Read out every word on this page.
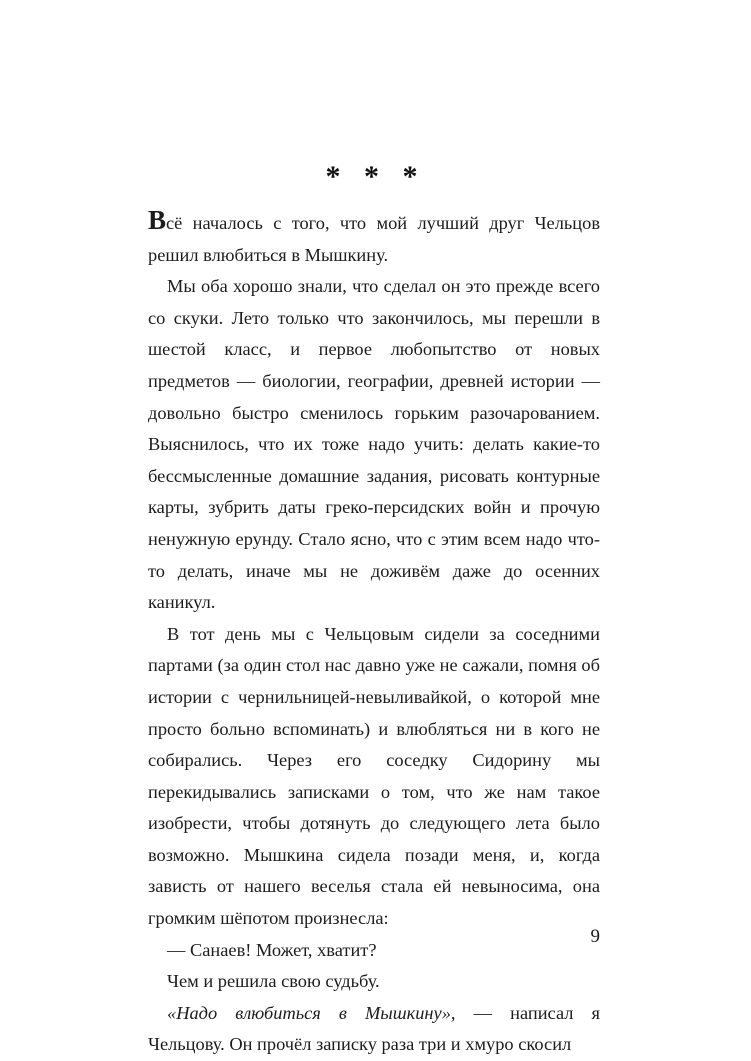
* * *

Всё началось с того, что мой лучший друг Чельцов решил влюбиться в Мышкину.

Мы оба хорошо знали, что сделал он это прежде всего со скуки. Лето только что закончилось, мы перешли в шестой класс, и первое любопытство от новых предметов — биологии, географии, древней истории — довольно быстро сменилось горьким разочарованием. Выяснилось, что их тоже надо учить: делать какие-то бессмысленные домашние задания, рисовать контурные карты, зубрить даты греко-персидских войн и прочую ненужную ерунду. Стало ясно, что с этим всем надо что-то делать, иначе мы не доживём даже до осенних каникул.

В тот день мы с Чельцовым сидели за соседними партами (за один стол нас давно уже не сажали, помня об истории с чернильницей-невыливайкой, о которой мне просто больно вспоминать) и влюбляться ни в кого не собирались. Через его соседку Сидорину мы перекидывались записками о том, что же нам такое изобрести, чтобы дотянуть до следующего лета было возможно. Мышкина сидела позади меня, и, когда зависть от нашего веселья стала ей невыносима, она громким шёпотом произнесла:

— Санаев! Может, хватит?

Чем и решила свою судьбу.

«Надо влюбиться в Мышкину», — написал я Чельцову. Он прочёл записку раза три и хмуро скосил

9
